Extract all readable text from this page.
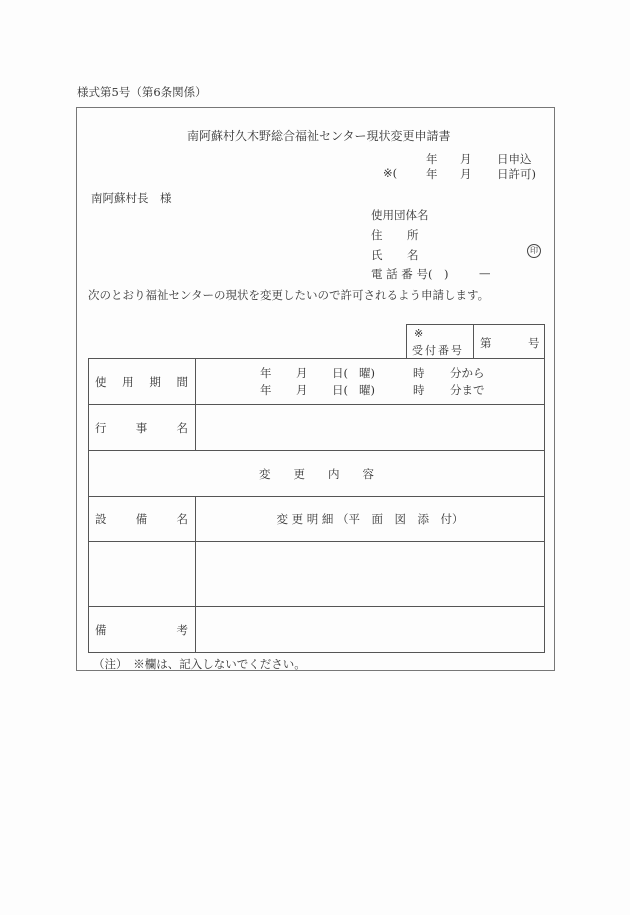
様式第5号（第6条関係）
南阿蘇村久木野総合福祉センター現状変更申請書
年 月 日申込
※(	年 月 日許可)
南阿蘇村長　様
使用団体名
住 所
氏 名	印
電 話 番 号(　)	—
次のとおり福祉センターの現状を変更したいので許可されるよう申請します。
※
受付番号
第	号
使 用 期 間

年 月 日( 曜)	時 分から
年 月 日( 曜)	時 分まで

行 事 名	

変　　更　　内　　容	

設 備 名	変 更 明 細 （平　面　図　添　付）

備 考	

（注）　※欄は、記入しないでください。
